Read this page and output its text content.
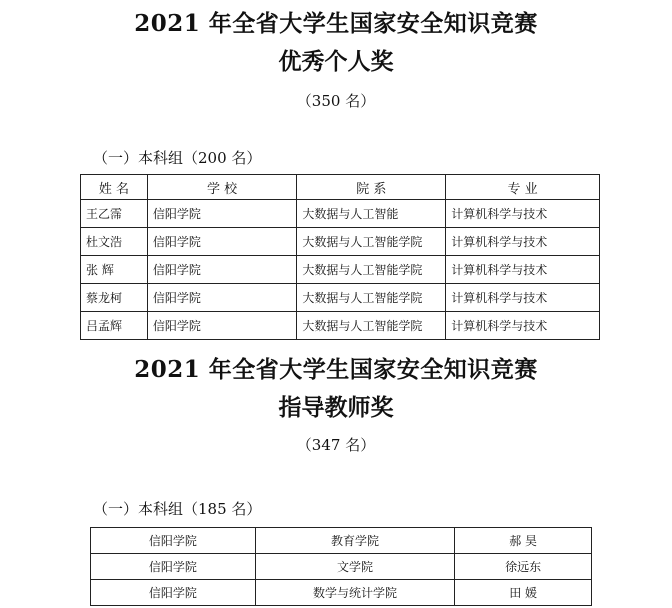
2021 年全省大学生国家安全知识竞赛
优秀个人奖
（350 名）
（一）本科组（200 名）
姓 名	学 校	院 系	专 业
王乙霈	信阳学院	大数据与人工智能	计算机科学与技术
杜文浩	信阳学院	大数据与人工智能学院	计算机科学与技术
张 辉	信阳学院	大数据与人工智能学院	计算机科学与技术
蔡龙柯	信阳学院	大数据与人工智能学院	计算机科学与技术
吕孟辉	信阳学院	大数据与人工智能学院	计算机科学与技术
2021 年全省大学生国家安全知识竞赛
指导教师奖
（347 名）
（一）本科组（185 名）
信阳学院	教育学院	郝 昊
信阳学院	文学院	徐远东
信阳学院	数学与统计学院	田 媛
